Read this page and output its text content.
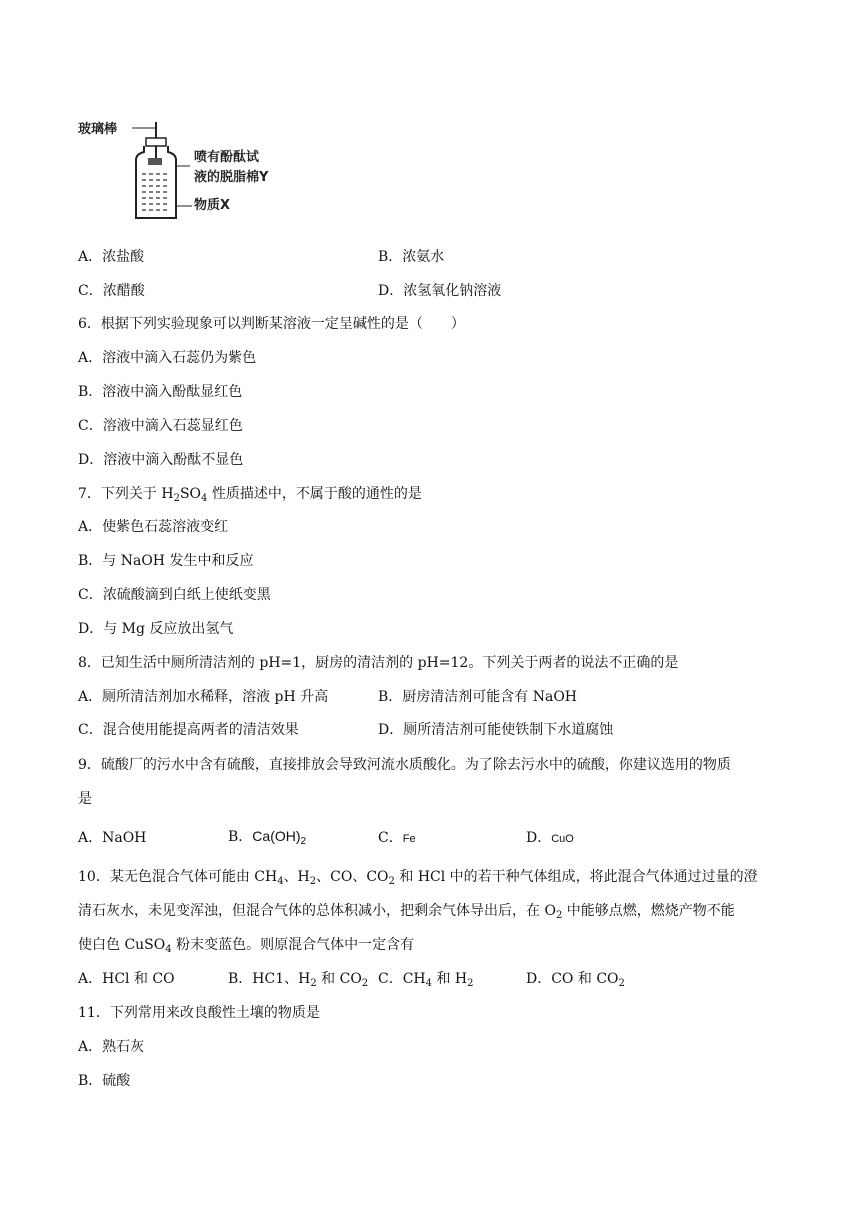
玻璃棒
喷有酚酞试
液的脱脂棉Y
物质X
A．浓盐酸	B．浓氨水
C．浓醋酸	D．浓氢氧化钠溶液
6．根据下列实验现象可以判断某溶液一定呈碱性的是（　　）
A．溶液中滴入石蕊仍为紫色
B．溶液中滴入酚酞显红色
C．溶液中滴入石蕊显红色
D．溶液中滴入酚酞不显色
7．下列关于 $H_2SO_4$ 性质描述中，不属于酸的通性的是
A．使紫色石蕊溶液变红
B．与 NaOH 发生中和反应
C．浓硫酸滴到白纸上使纸变黑
D．与 Mg 反应放出氢气
8．已知生活中厕所清洁剂的 pH=1，厨房的清洁剂的 pH=12。下列关于两者的说法不正确的是
A．厕所清洁剂加水稀释，溶液 pH 升高	B．厨房清洁剂可能含有 NaOH
C．混合使用能提高两者的清洁效果	D．厕所清洁剂可能使铁制下水道腐蚀
9．硫酸厂的污水中含有硫酸，直接排放会导致河流水质酸化。为了除去污水中的硫酸，你建议选用的物质
是
A．NaOH	B．$Ca(OH)_2$	C．Fe	D．CuO
10．某无色混合气体可能由 $CH_4$、$H_2$、CO、$CO_2$ 和 HCl 中的若干种气体组成，将此混合气体通过过量的澄
清石灰水，未见变浑浊，但混合气体的总体积减小，把剩余气体导出后，在 $O_2$ 中能够点燃，燃烧产物不能
使白色 CuSO$_4$ 粉末变蓝色。则原混合气体中一定含有
A．HCl 和 CO	B．HC1、$H_2$ 和 $CO_2$ C．$CH_4$ 和 $H_2$	D．CO 和 $CO_2$
11．下列常用来改良酸性土壤的物质是
A．熟石灰
B．硫酸
